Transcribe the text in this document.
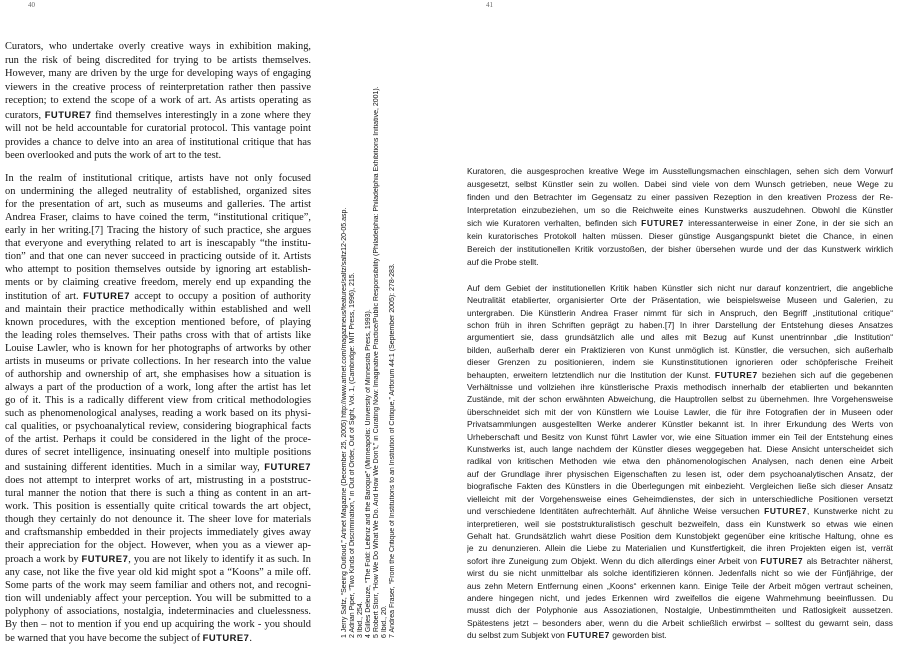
40	41
Curators, who undertake overly creative ways in exhibition making,
run the risk of being discredited for trying to be artists themselves.
However, many are driven by the urge for developing ways of engaging
viewers in the creative process of reinterpretation rather then passive
reception; to extend the scope of a work of art. As artists operating as
curators, FUTURE7 find themselves interestingly in a zone where they
will not be held accountable for curatorial protocol. This vantage point
provides a chance to delve into an area of institutional critique that has
been overlooked and puts the work of art to the test.
In the realm of institutional critique, artists have not only focused
on undermining the alleged neutrality of established, organized sites
for the presentation of art, such as museums and galleries. The artist
Andrea Fraser, claims to have coined the term, “institutional critique”,
early in her writing.[7] Tracing the history of such practice, she argues
that everyone and everything related to art is inescapably “the institu-
tion” and that one can never succeed in practicing outside of it. Artists
who attempt to position themselves outside by ignoring art establish-
ments or by claiming creative freedom, merely end up expanding the
institution of art. FUTURE7 accept to occupy a position of authority
and maintain their practice methodically within established and well
known procedures, with the exception mentioned before, of playing
the leading roles themselves. Their paths cross with that of artists like
Louise Lawler, who is known for her photographs of artworks by other
artists in museums or private collections. In her research into the value
of authorship and ownership of art, she emphasises how a situation is
always a part of the production of a work, long after the artist has let
go of it. This is a radically different view from critical methodologies
such as phenomenological analyses, reading a work based on its physi-
cal qualities, or psychoanalytical review, considering biographical facts
of the artist. Perhaps it could be considered in the light of the proce-
dures of secret intelligence, insinuating oneself into multiple positions
and sustaining different identities. Much in a similar way, FUTURE7
does not attempt to interpret works of art, mistrusting in a poststruc-
tural manner the notion that there is such a thing as content in an art-
work. This position is essentially quite critical towards the art object,
though they certainly do not denounce it. The sheer love for materials
and craftsmanship embedded in their projects immediately gives away
their appreciation for the object. However, when you as a viewer ap-
proach a work by FUTURE7, you are not likely to identify it as such. In
any case, not like the five year old kid might spot a “Koons” a mile off.
Some parts of the work may seem familiar and others not, and recogni-
tion will undeniably affect your perception. You will be submitted to a
polyphony of associations, nostalgia, indeterminacies and cluelessness.
By then – not to mention if you end up acquiring the work - you should
be warned that you have become the subject of FUTURE7.
1 Jerry Saltz, “Seeing Outloud,” Artnet Magazine (December 25, 2005) http://www.artnet.com/magazineus/features/saltz/saltz12-20-05.asp. 2 Adrian Piper, “Two Kinds of Discrimination,” in Out of Order, Out of Sight, Vol. 1, (Cambridge: MIT Press, 1996), 215. 3 Ibid., 254. 4 Gilles Deleuze, “The Fold: Leibniz and the Baroque” (Minneapolis: University of Minnesota Press, 1993). 5 Robert Storr, “How We Do What We Do. And How We Don’t,” in Curating Now: Imaginative Practice/Public Responsibility (Philadelphia: Philadelphia Exhibitions Initiative, 2001). 6 Ibid., 20. 7 Andrea Fraser, “From the Critique of Institutions to an Institution of Critique,” Artforum 44:1 (September 2005): 278-283.
Kuratoren, die ausgesprochen kreative Wege im Ausstellungsmachen einschlagen, sehen sich dem Vorwurf
ausgesetzt, selbst Künstler sein zu wollen. Dabei sind viele von dem Wunsch getrieben, neue Wege zu
finden und den Betrachter im Gegensatz zu einer passiven Rezeption in den kreativen Prozess der Re-
Interpretation einzubeziehen, um so die Reichweite eines Kunstwerks auszudehnen. Obwohl die Künstler
sich wie Kuratoren verhalten, befinden sich FUTURE7 interessanterweise in einer Zone, in der sie sich an
kein kuratorisches Protokoll halten müssen. Dieser günstige Ausgangspunkt bietet die Chance, in einen
Bereich der institutionellen Kritik vorzustoßen, der bisher übersehen wurde und der das Kunstwerk wirklich
auf die Probe stellt.
Auf dem Gebiet der institutionellen Kritik haben Künstler sich nicht nur darauf konzentriert, die angebliche
Neutralität etablierter, organisierter Orte der Präsentation, wie beispielsweise Museen und Galerien, zu
untergraben. Die Künstlerin Andrea Fraser nimmt für sich in Anspruch, den Begriff „institutional critique“
schon früh in ihren Schriften geprägt zu haben.[7] In ihrer Darstellung der Entstehung dieses Ansatzes
argumentiert sie, dass grundsätzlich alle und alles mit Bezug auf Kunst unentrinnbar „die Institution“
bilden, außerhalb derer ein Praktizieren von Kunst unmöglich ist. Künstler, die versuchen, sich außerhalb
dieser Grenzen zu positionieren, indem sie Kunstinstitutionen ignorieren oder schöpferische Freiheit
behaupten, erweitern letztendlich nur die Institution der Kunst. FUTURE7 beziehen sich auf die gegebenen
Verhältnisse und vollziehen ihre künstlerische Praxis methodisch innerhalb der etablierten und bekannten
Zustände, mit der schon erwähnten Abweichung, die Hauptrollen selbst zu übernehmen. Ihre Vorgehensweise
überschneidet sich mit der von Künstlern wie Louise Lawler, die für ihre Fotografien der in Museen oder
Privatsammlungen ausgestellten Werke anderer Künstler bekannt ist. In ihrer Erkundung des Werts von
Urheberschaft und Besitz von Kunst führt Lawler vor, wie eine Situation immer ein Teil der Entstehung eines
Kunstwerks ist, auch lange nachdem der Künstler dieses weggegeben hat. Diese Ansicht unterscheidet sich
radikal von kritischen Methoden wie etwa den phänomenologischen Analysen, nach denen eine Arbeit
auf der Grundlage ihrer physischen Eigenschaften zu lesen ist, oder dem psychoanalytischen Ansatz, der
biografische Fakten des Künstlers in die Überlegungen mit einbezieht. Vergleichen ließe sich dieser Ansatz
vielleicht mit der Vorgehensweise eines Geheimdienstes, der sich in unterschiedliche Positionen versetzt
und verschiedene Identitäten aufrechterhält. Auf ähnliche Weise versuchen FUTURE7, Kunstwerke nicht zu
interpretieren, weil sie poststrukturalistisch geschult bezweifeln, dass ein Kunstwerk so etwas wie einen
Gehalt hat. Grundsätzlich wahrt diese Position dem Kunstobjekt gegenüber eine kritische Haltung, ohne es
je zu denunzieren. Allein die Liebe zu Materialien und Kunstfertigkeit, die ihren Projekten eigen ist, verrät
sofort ihre Zuneigung zum Objekt. Wenn du dich allerdings einer Arbeit von FUTURE7 als Betrachter näherst,
wirst du sie nicht unmittelbar als solche identifizieren können. Jedenfalls nicht so wie der Fünfjährige, der
aus zehn Metern Entfernung einen „Koons“ erkennen kann. Einige Teile der Arbeit mögen vertraut scheinen,
andere hingegen nicht, und jedes Erkennen wird zweifellos die eigene Wahrnehmung beeinflussen. Du
musst dich der Polyphonie aus Assoziationen, Nostalgie, Unbestimmtheiten und Ratlosigkeit aussetzen.
Spätestens jetzt – besonders aber, wenn du die Arbeit schließlich erwirbst – solltest du gewarnt sein, dass
du selbst zum Subjekt von FUTURE7 geworden bist.
